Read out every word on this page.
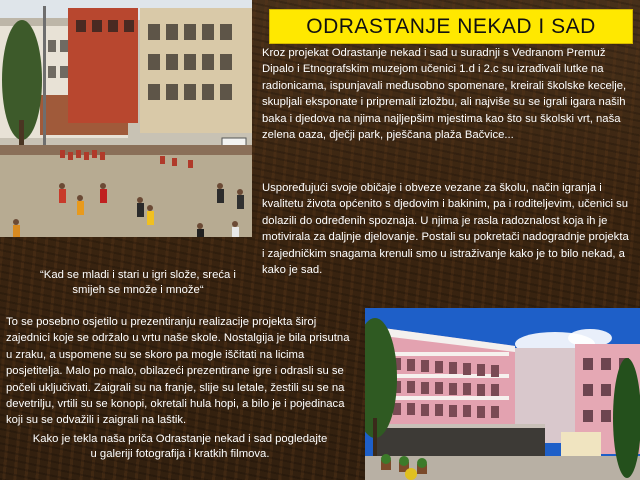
ODRASTANJE NEKAD I SAD

Kroz projekat Odrastanje nekad i sad u suradnji s Vedranom Premuž Dipalo i Etnografskim muzejom učenici 1.d i 2.c su izrađivali lutke na radionicama, ispunjavali međusobno spomenare, kreirali školske kecelje, skupljali eksponate i pripremali izložbu, ali najviše su se igrali igara naših baka i djedova na njima najljepšim mjestima kao što su školski vrt, naša zelena oaza, dječji park, pješčana plaža Bačvice...

Uspoređujući svoje običaje i obveze vezane za školu, način igranja i kvalitetu života općenito s djedovim i bakinim, pa i roditeljevim, učenici su dolazili do određenih spoznaja. U njima je rasla radoznalost koja ih je motivirala za daljnje djelovanje. Postali su pokretači nadogradnje projekta i zajedničkim snagama krenuli smo u istraživanje kako je to bilo nekad, a kako je sad.

“Kad se mladi i stari u igri slože, sreća i smijeh se množe i množe“

To se posebno osjetilo u prezentiranju realizacije projekta široj zajednici koje se održalo u vrtu naše skole. Nostalgija je bila prisutna u zraku, a uspomene su se skoro pa mogle iščitati na licima posjetitelja. Malo po malo, obilazeći prezentirane igre i odrasli su se počeli uključivati. Zaigrali su na franje, slije su letale, žestili su se na devetrilju, vrtili su se konopi, okretali hula hopi, a bilo je i pojedinaca koji su se odvažili i zaigrali na laštik.

Kako je tekla naša priča Odrastanje nekad i sad pogledajte u galeriji fotografija i kratkih filmova.
